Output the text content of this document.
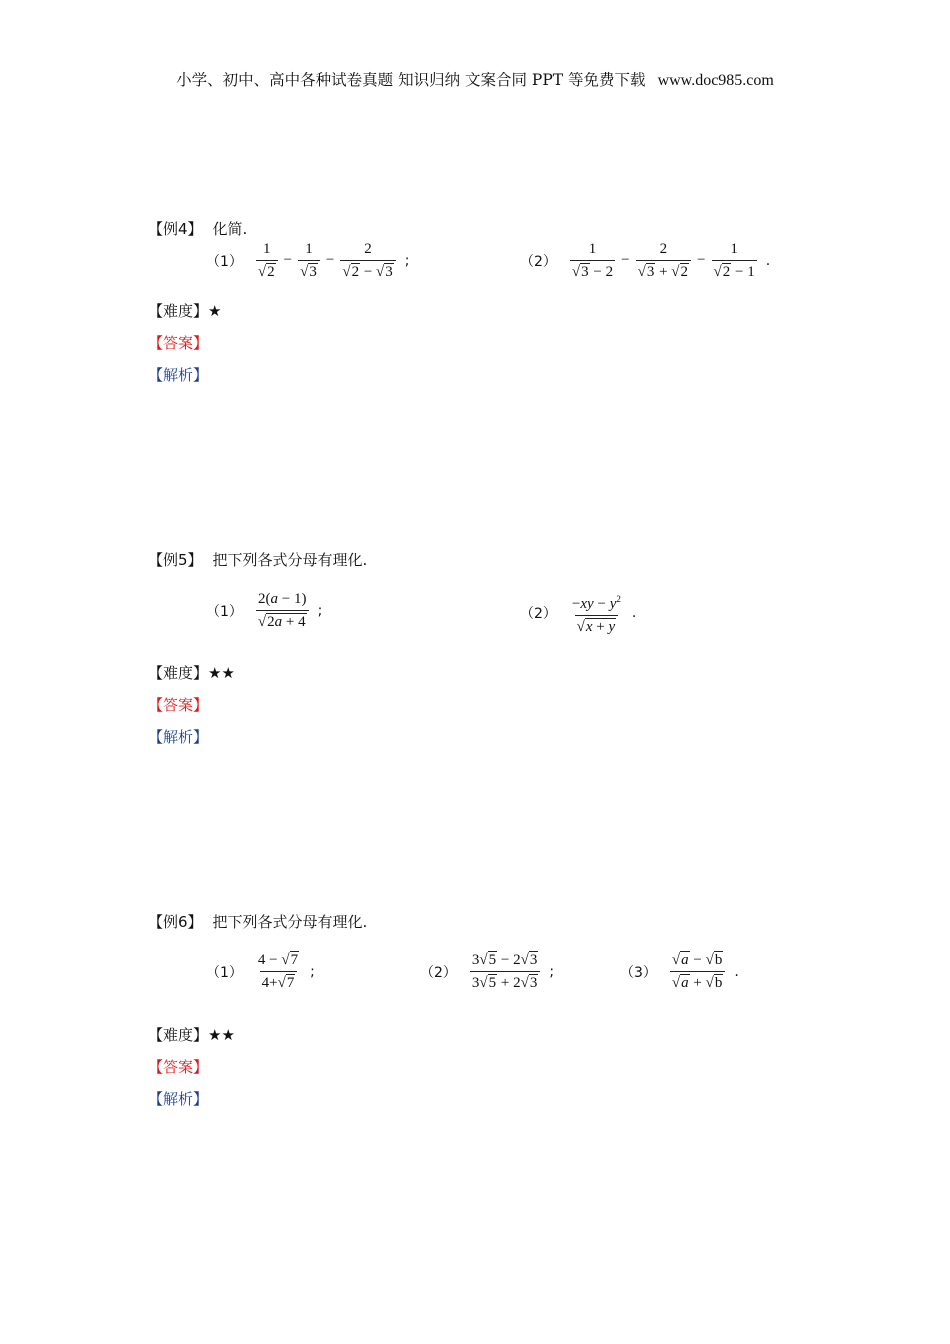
小学、初中、高中各种试卷真题 知识归纳 文案合同 PPT 等免费下载 www.doc985.com
【例4】 化简.
$(1) \frac{1}{√2} - \frac{1}{√3} - \frac{2}{√2 - √3}$ ;	$(2) \frac{1}{√3 - 2} - \frac{2}{√3 + √2} - \frac{1}{√2 - 1}$ .
【难度】★
【答案】
【解析】
【例5】 把下列各式分母有理化.
$(1) \frac{2(a - 1)}{√2a + 4}$ ;	$(2) \frac{-xy - y^2}{√x + y}$ .
【难度】★★
【答案】
【解析】
【例6】 把下列各式分母有理化.
$(1) \frac{4 - √7}{4+√7}$ ;	$(2) \frac{3√5 - 2√3}{3√5 + 2√3}$ ;	$(3) \frac{√a - √b}{√a + √b}$ .
【难度】★★
【答案】
【解析】
